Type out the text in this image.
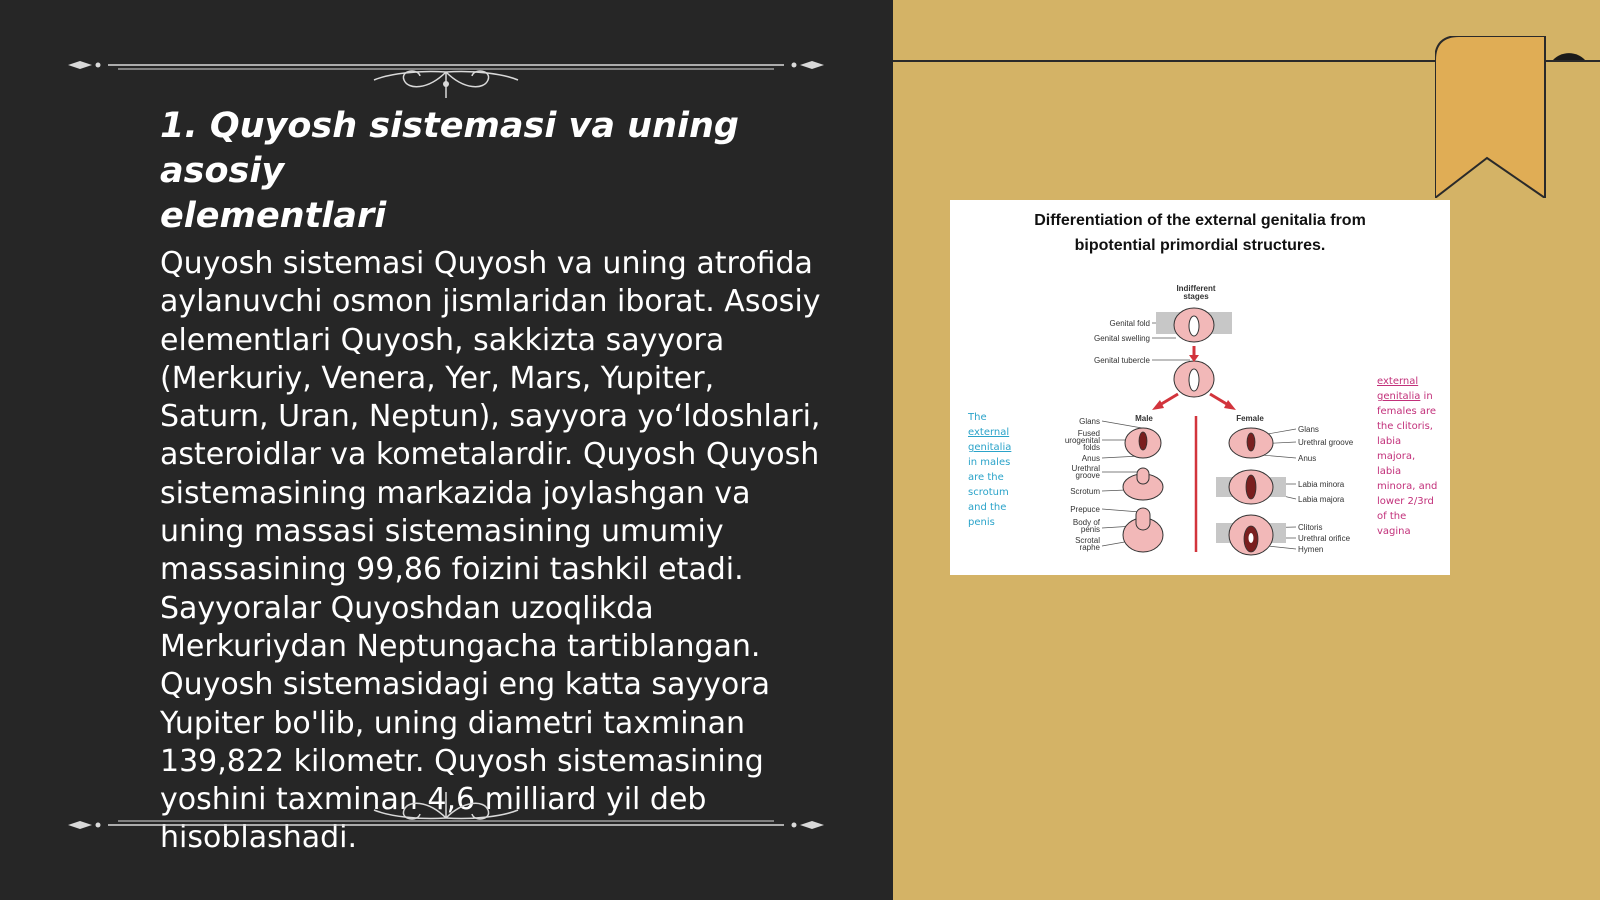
1. Quyosh sistemasi va uning asosiy
elementlari

Quyosh sistemasi Quyosh va uning atrofida aylanuvchi osmon jismlaridan iborat. Asosiy elementlari Quyosh, sakkizta sayyora (Merkuriy, Venera, Yer, Mars, Yupiter, Saturn, Uran, Neptun), sayyora yo‘ldoshlari, asteroidlar va kometalardir. Quyosh Quyosh sistemasining markazida joylashgan va uning massasi sistemasining umumiy massasining 99,86 foizini tashkil etadi. Sayyoralar Quyoshdan uzoqlikda Merkuriydan Neptungacha tartiblangan. Quyosh sistemasidagi eng katta sayyora Yupiter bo'lib, uning diametri taxminan 139,822 kilometr. Quyosh sistemasining yoshini taxminan 4,6 milliard yil deb hisoblashadi.

Indifferent
stages
Genital fold
Genital swelling
Genital tubercle
Male	Female
Glans
Fused
urogenital
folds
Anus
Urethral
groove
Scrotum
Prepuce
Body of
penis
Scrotal
raphe
Glans
Urethral groove
Anus
Labia minora
Labia majora
Clitoris
Urethral orifice
Hymen

Differentiation of the external genitalia from
bipotential primordial structures.

The external genitalia in males are the scrotum and the penis
external genitalia in females are the clitoris, labia majora, labia minora, and lower 2/3rd of the vagina
